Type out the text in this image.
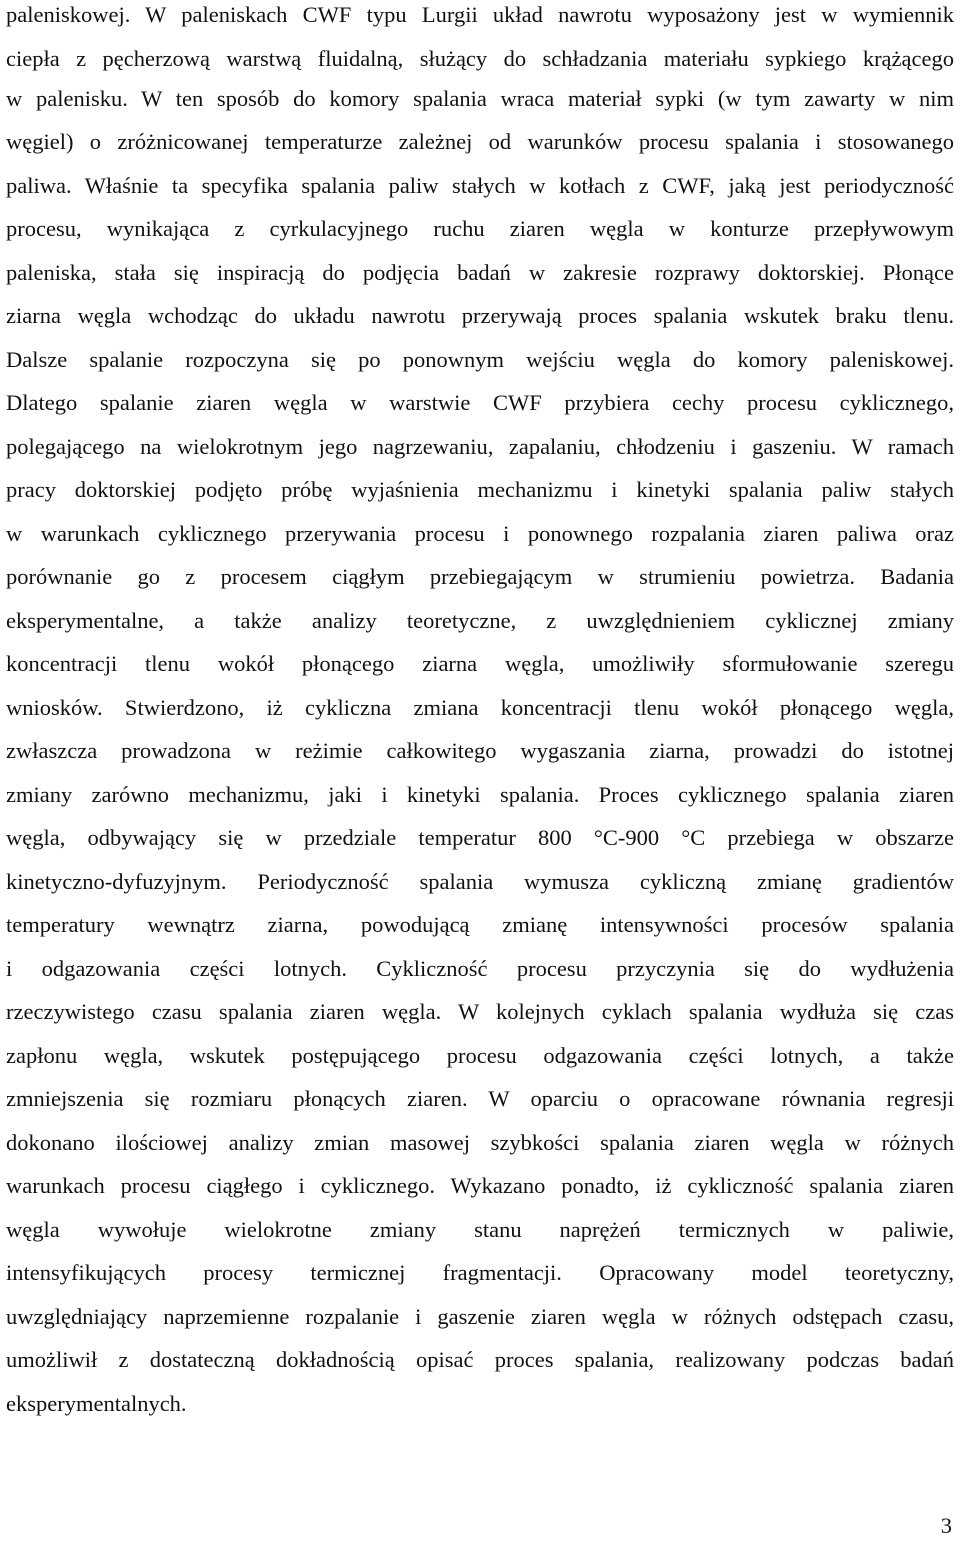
paleniskowej. W paleniskach CWF typu Lurgii układ nawrotu wyposażony jest w wymiennik
ciepła z pęcherzową warstwą fluidalną, służący do schładzania materiału sypkiego krążącego
w palenisku. W ten sposób do komory spalania wraca materiał sypki (w tym zawarty w nim
węgiel) o zróżnicowanej temperaturze zależnej od warunków procesu spalania i stosowanego
paliwa. Właśnie ta specyfika spalania paliw stałych w kotłach z CWF, jaką jest periodyczność
procesu, wynikająca z cyrkulacyjnego ruchu ziaren węgla w konturze przepływowym
paleniska, stała się inspiracją do podjęcia badań w zakresie rozprawy doktorskiej. Płonące
ziarna węgla wchodząc do układu nawrotu przerywają proces spalania wskutek braku tlenu.
Dalsze spalanie rozpoczyna się po ponownym wejściu węgla do komory paleniskowej.
Dlatego spalanie ziaren węgla w warstwie CWF przybiera cechy procesu cyklicznego,
polegającego na wielokrotnym jego nagrzewaniu, zapalaniu, chłodzeniu i gaszeniu. W ramach
pracy doktorskiej podjęto próbę wyjaśnienia mechanizmu i kinetyki spalania paliw stałych
w warunkach cyklicznego przerywania procesu i ponownego rozpalania ziaren paliwa oraz
porównanie go z procesem ciągłym przebiegającym w strumieniu powietrza. Badania
eksperymentalne, a także analizy teoretyczne, z uwzględnieniem cyklicznej zmiany
koncentracji tlenu wokół płonącego ziarna węgla, umożliwiły sformułowanie szeregu
wniosków. Stwierdzono, iż cykliczna zmiana koncentracji tlenu wokół płonącego węgla,
zwłaszcza prowadzona w reżimie całkowitego wygaszania ziarna, prowadzi do istotnej
zmiany zarówno mechanizmu, jaki i kinetyki spalania. Proces cyklicznego spalania ziaren
węgla, odbywający się w przedziale temperatur 800 °C-900 °C przebiega w obszarze
kinetyczno-dyfuzyjnym. Periodyczność spalania wymusza cykliczną zmianę gradientów
temperatury wewnątrz ziarna, powodującą zmianę intensywności procesów spalania
i odgazowania części lotnych. Cykliczność procesu przyczynia się do wydłużenia
rzeczywistego czasu spalania ziaren węgla. W kolejnych cyklach spalania wydłuża się czas
zapłonu węgla, wskutek postępującego procesu odgazowania części lotnych, a także
zmniejszenia się rozmiaru płonących ziaren. W oparciu o opracowane równania regresji
dokonano ilościowej analizy zmian masowej szybkości spalania ziaren węgla w różnych
warunkach procesu ciągłego i cyklicznego. Wykazano ponadto, iż cykliczność spalania ziaren
węgla wywołuje wielokrotne zmiany stanu naprężeń termicznych w paliwie,
intensyfikujących procesy termicznej fragmentacji. Opracowany model teoretyczny,
uwzględniający naprzemienne rozpalanie i gaszenie ziaren węgla w różnych odstępach czasu,
umożliwił z dostateczną dokładnością opisać proces spalania, realizowany podczas badań
eksperymentalnych.
3
